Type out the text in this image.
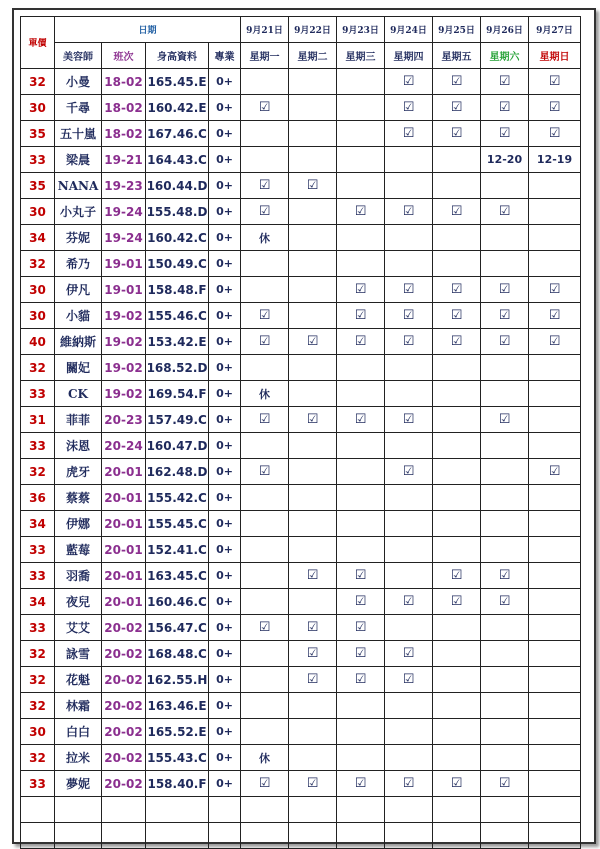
單價	日期				9月21日	9月22日	9月23日	9月24日	9月25日	9月26日	9月27日
	美容師	班次	身高資料	專業	星期一	星期二	星期三	星期四	星期五	星期六	星期日
32	小曼	18-02	165.45.E	0+				☑	☑	☑	☑
30	千尋	18-02	160.42.E	0+	☑			☑	☑	☑	☑
35	五十嵐	18-02	167.46.C	0+				☑	☑	☑	☑
33	梁晨	19-21	164.43.C	0+						12-20	12-19
35	NANA	19-23	160.44.D	0+	☑	☑					
30	小丸子	19-24	155.48.D	0+	☑		☑	☑	☑	☑	
34	芬妮	19-24	160.42.C	0+	休						
32	希乃	19-01	150.49.C	0+							
30	伊凡	19-01	158.48.F	0+			☑	☑	☑	☑	☑
30	小貓	19-02	155.46.C	0+	☑		☑	☑	☑	☑	☑
40	維納斯	19-02	153.42.E	0+	☑	☑	☑	☑	☑	☑	☑
32	關妃	19-02	168.52.D	0+							
33	CK	19-02	169.54.F	0+	休						
31	菲菲	20-23	157.49.C	0+	☑	☑	☑	☑		☑	
33	沫恩	20-24	160.47.D	0+							
32	虎牙	20-01	162.48.D	0+	☑			☑			☑
36	蔡蔡	20-01	155.42.C	0+							
34	伊娜	20-01	155.45.C	0+							
33	藍莓	20-01	152.41.C	0+							
33	羽喬	20-01	163.45.C	0+		☑	☑		☑	☑	
34	夜兒	20-01	160.46.C	0+			☑	☑	☑	☑	
33	艾艾	20-02	156.47.C	0+	☑	☑	☑				
32	詠雪	20-02	168.48.C	0+		☑	☑	☑			
32	花魁	20-02	162.55.H	0+		☑	☑	☑			
32	林霜	20-02	163.46.E	0+							
30	白白	20-02	165.52.E	0+							
32	拉米	20-02	155.43.C	0+	休						
33	夢妮	20-02	158.40.F	0+	☑	☑	☑	☑	☑	☑	
